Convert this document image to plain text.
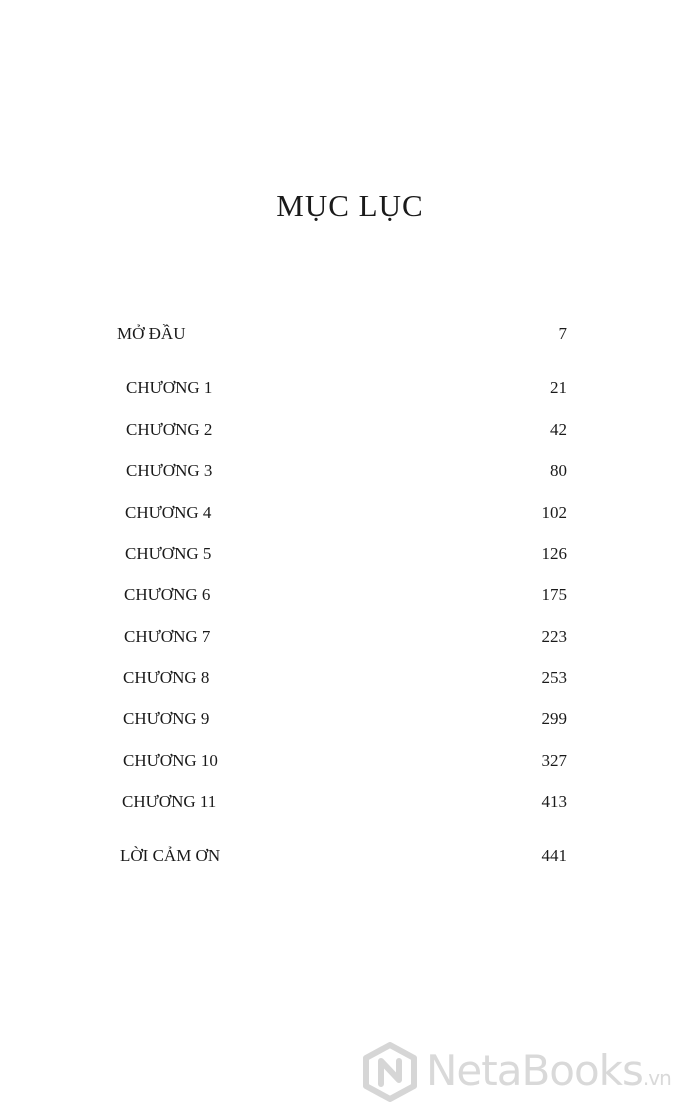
MỤC LỤC
MỞ ĐẦU	7
CHƯƠNG 1	21
CHƯƠNG 2	42
CHƯƠNG 3	80
CHƯƠNG 4	102
CHƯƠNG 5	126
CHƯƠNG 6	175
CHƯƠNG 7	223
CHƯƠNG 8	253
CHƯƠNG 9	299
CHƯƠNG 10	327
CHƯƠNG 11	413
LỜI CẢM ƠN	441
NetaBooks.vn
